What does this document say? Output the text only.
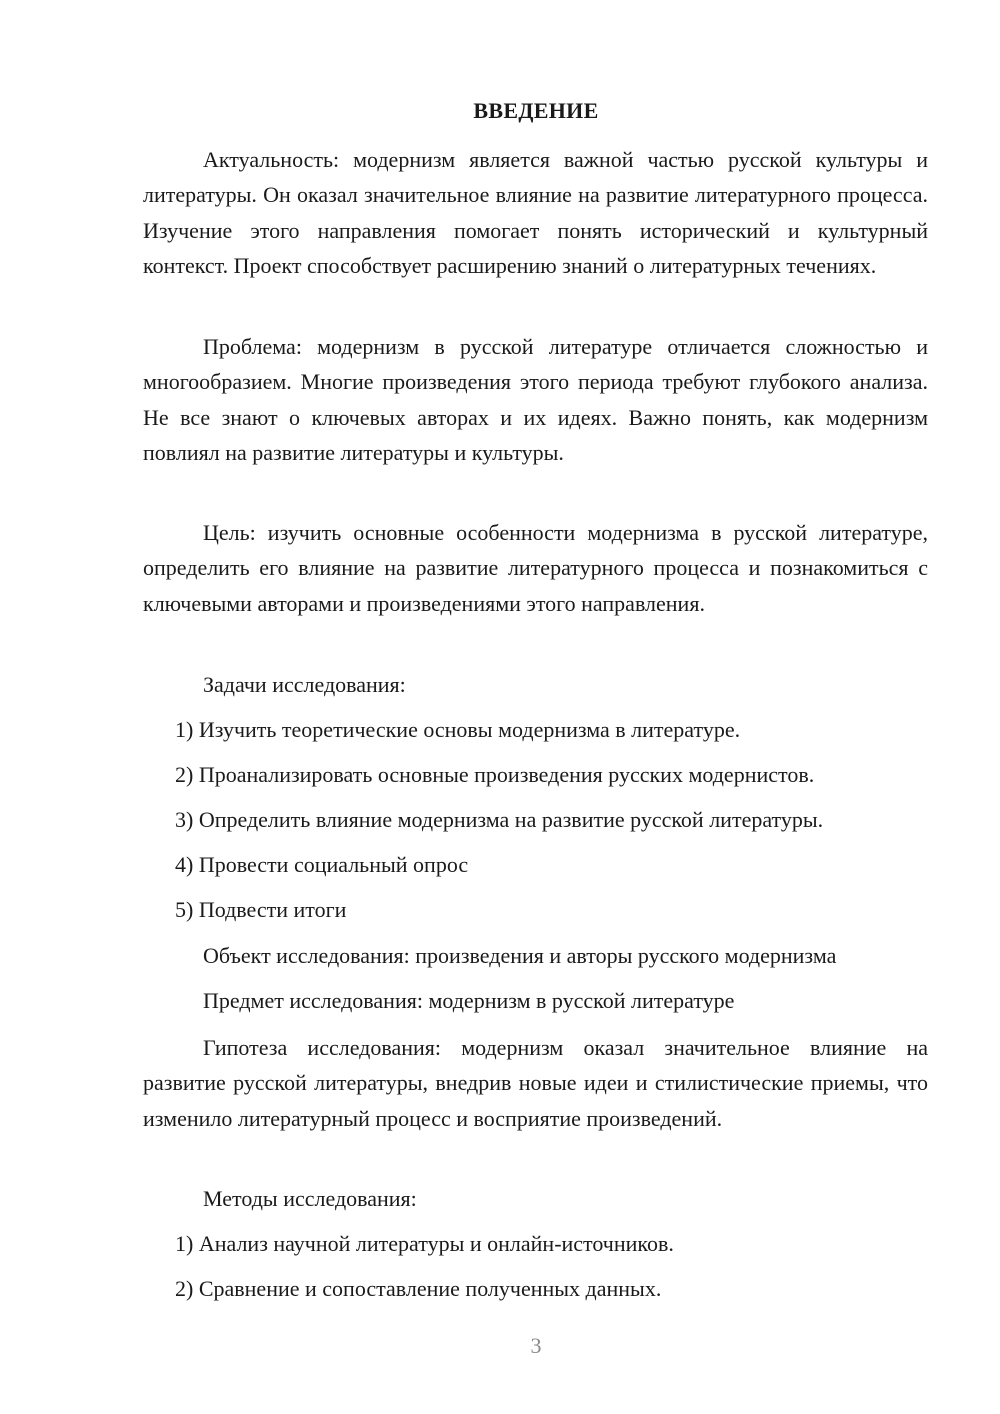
ВВЕДЕНИЕ
Актуальность: модернизм является важной частью русской культуры и литературы. Он оказал значительное влияние на развитие литературного процесса. Изучение этого направления помогает понять исторический и культурный контекст. Проект способствует расширению знаний о литературных течениях.
Проблема: модернизм в русской литературе отличается сложностью и многообразием. Многие произведения этого периода требуют глубокого анализа. Не все знают о ключевых авторах и их идеях. Важно понять, как модернизм повлиял на развитие литературы и культуры.
Цель: изучить основные особенности модернизма в русской литературе, определить его влияние на развитие литературного процесса и познакомиться с ключевыми авторами и произведениями этого направления.
Задачи исследования:
1) Изучить теоретические основы модернизма в литературе.
2) Проанализировать основные произведения русских модернистов.
3) Определить влияние модернизма на развитие русской литературы.
4) Провести социальный опрос
5) Подвести итоги
Объект исследования: произведения и авторы русского модернизма
Предмет исследования: модернизм в русской литературе
Гипотеза исследования: модернизм оказал значительное влияние на развитие русской литературы, внедрив новые идеи и стилистические приемы, что изменило литературный процесс и восприятие произведений.
Методы исследования:
1) Анализ научной литературы и онлайн-источников.
2) Сравнение и сопоставление полученных данных.
3
